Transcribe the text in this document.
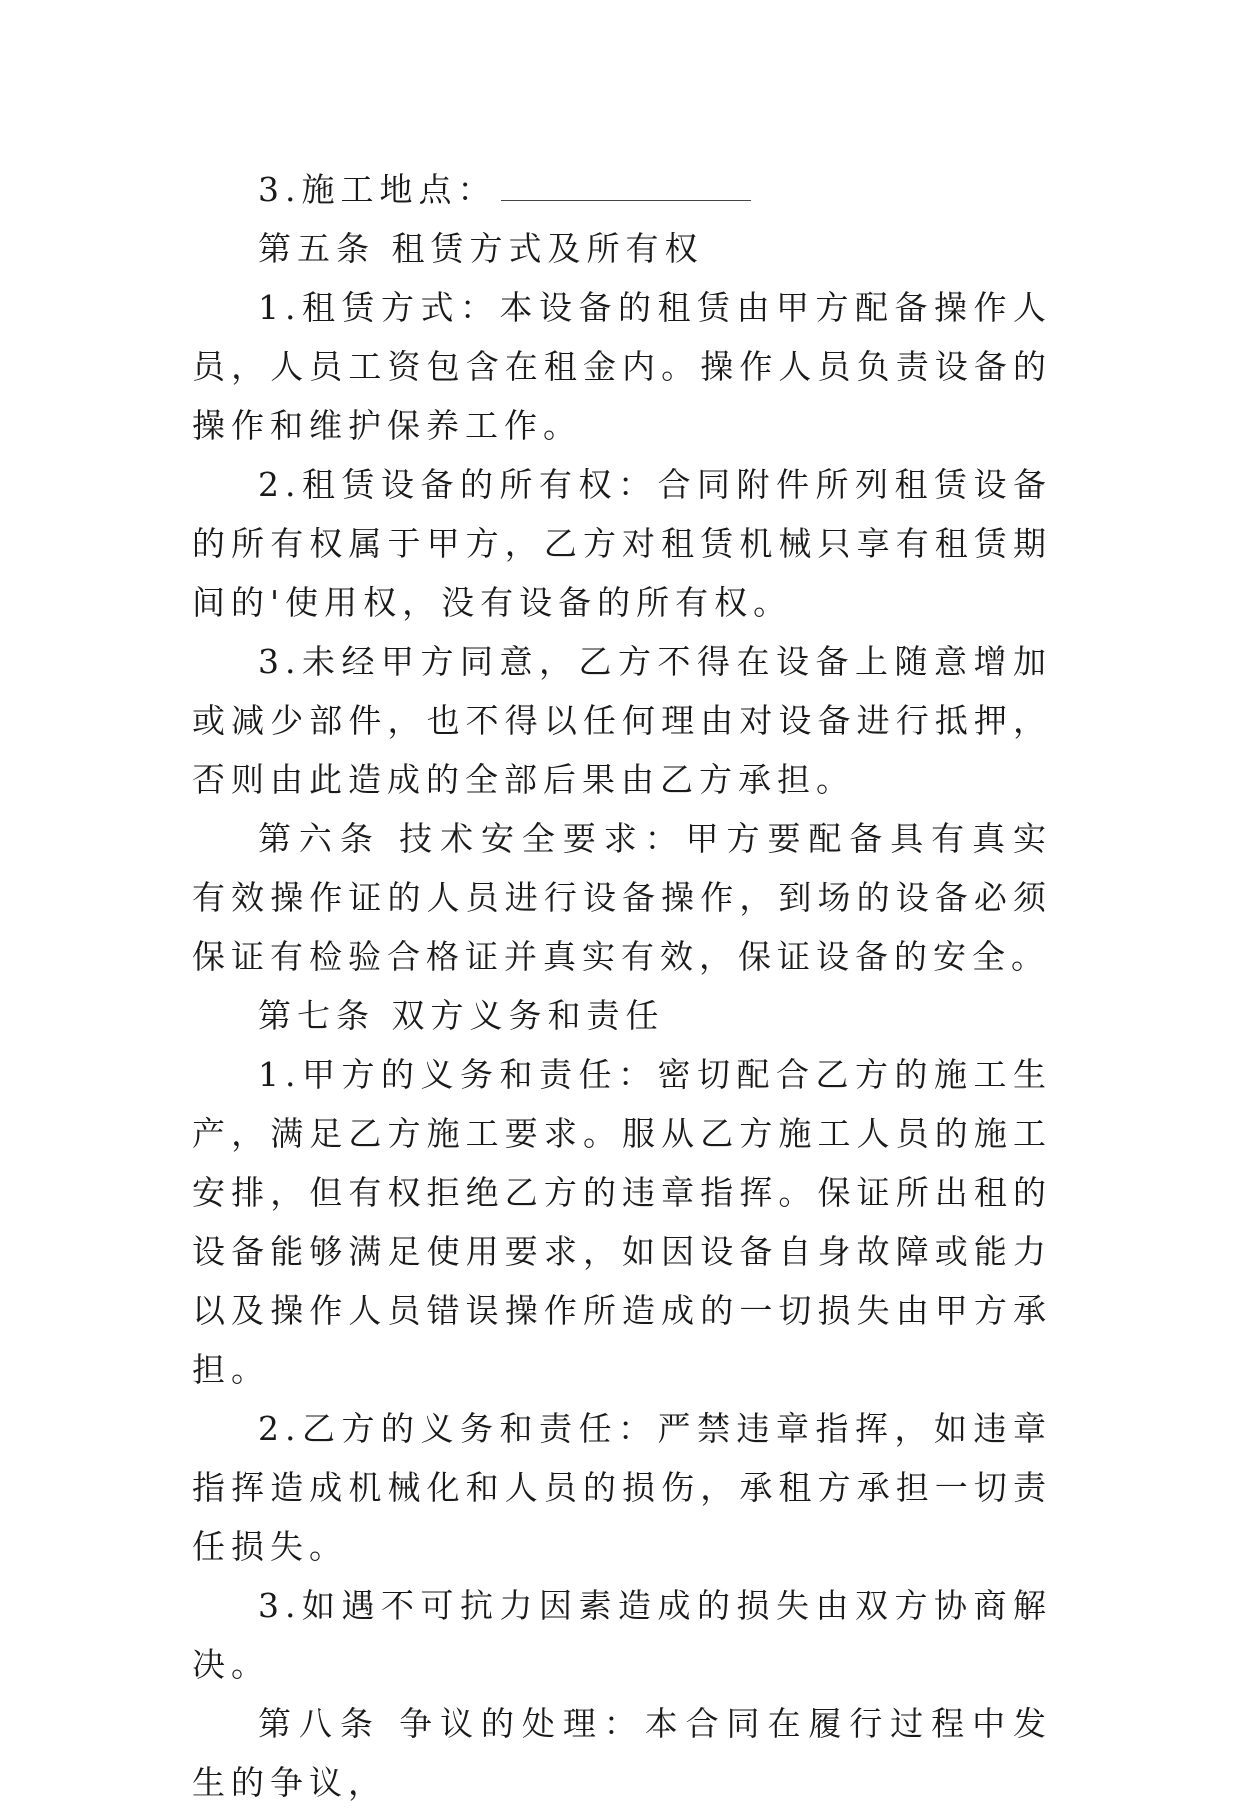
3.施工地点：

第五条 租赁方式及所有权

1.租赁方式：本设备的租赁由甲方配备操作人员，人员工资包含在租金内。操作人员负责设备的操作和维护保养工作。

2.租赁设备的所有权：合同附件所列租赁设备的所有权属于甲方，乙方对租赁机械只享有租赁期间的'使用权，没有设备的所有权。

3.未经甲方同意，乙方不得在设备上随意增加或减少部件，也不得以任何理由对设备进行抵押，否则由此造成的全部后果由乙方承担。

第六条 技术安全要求：甲方要配备具有真实有效操作证的人员进行设备操作，到场的设备必须保证有检验合格证并真实有效，保证设备的安全。

第七条 双方义务和责任

1.甲方的义务和责任：密切配合乙方的施工生产，满足乙方施工要求。服从乙方施工人员的施工安排，但有权拒绝乙方的违章指挥。保证所出租的设备能够满足使用要求，如因设备自身故障或能力以及操作人员错误操作所造成的一切损失由甲方承担。

2.乙方的义务和责任：严禁违章指挥，如违章指挥造成机械化和人员的损伤，承租方承担一切责任损失。

3.如遇不可抗力因素造成的损失由双方协商解决。

第八条 争议的处理：本合同在履行过程中发生的争议，
